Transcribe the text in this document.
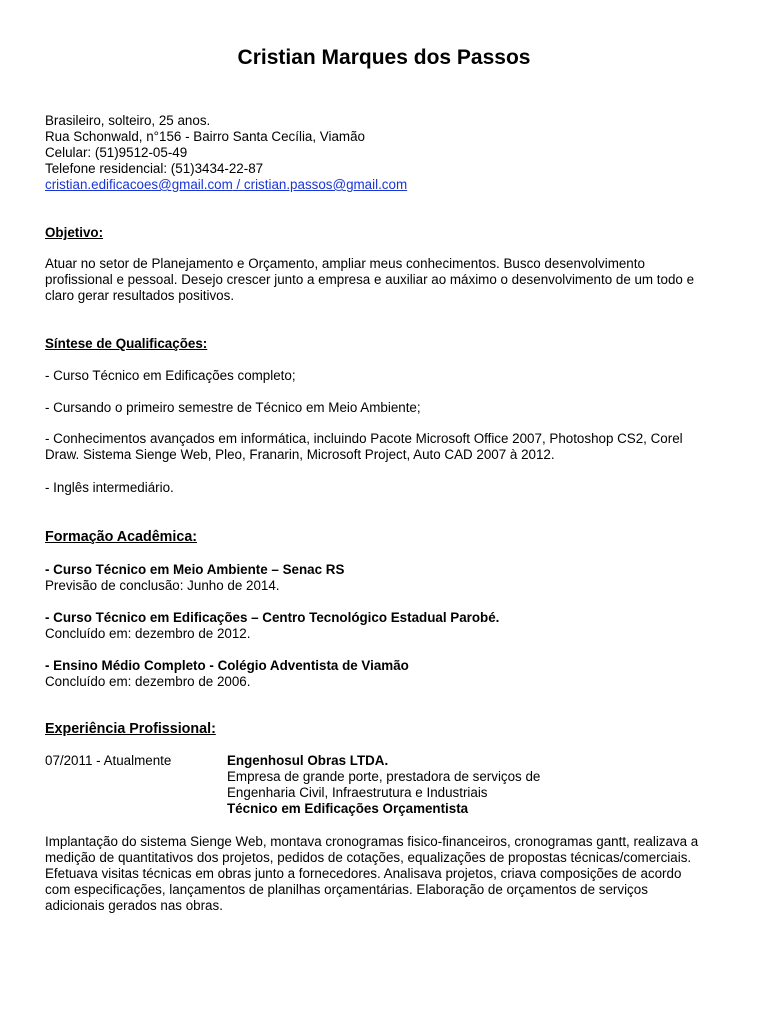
Cristian Marques dos Passos
Brasileiro, solteiro, 25 anos.
Rua Schonwald, n°156 - Bairro Santa Cecília, Viamão
Celular: (51)9512-05-49
Telefone residencial: (51)3434-22-87
cristian.edificacoes@gmail.com / cristian.passos@gmail.com
Objetivo:
Atuar no setor de Planejamento e Orçamento, ampliar meus conhecimentos. Busco desenvolvimento
profissional e pessoal. Desejo crescer junto a empresa e auxiliar ao máximo o desenvolvimento de um todo e
claro gerar resultados positivos.
Síntese de Qualificações:
- Curso Técnico em Edificações completo;
- Cursando o primeiro semestre de Técnico em Meio Ambiente;
- Conhecimentos avançados em informática, incluindo Pacote Microsoft Office 2007, Photoshop CS2, Corel
Draw. Sistema Sienge Web, Pleo, Franarin, Microsoft Project, Auto CAD 2007 à 2012.
- Inglês intermediário.
Formação Acadêmica:
- Curso Técnico em Meio Ambiente – Senac RS
Previsão de conclusão: Junho de 2014.
- Curso Técnico em Edificações – Centro Tecnológico Estadual Parobé.
Concluído em: dezembro de 2012.
- Ensino Médio Completo - Colégio Adventista de Viamão
Concluído em: dezembro de 2006.
Experiência Profissional:
07/2011 - Atualmente	Engenhosul Obras LTDA.
Empresa de grande porte, prestadora de serviços de
Engenharia Civil, Infraestrutura e Industriais
Técnico em Edificações Orçamentista
Implantação do sistema Sienge Web, montava cronogramas fisico-financeiros, cronogramas gantt, realizava a
medição de quantitativos dos projetos, pedidos de cotações, equalizações de propostas técnicas/comerciais.
Efetuava visitas técnicas em obras junto a fornecedores. Analisava projetos, criava composições de acordo
com especificações, lançamentos de planilhas orçamentárias. Elaboração de orçamentos de serviços
adicionais gerados nas obras.
